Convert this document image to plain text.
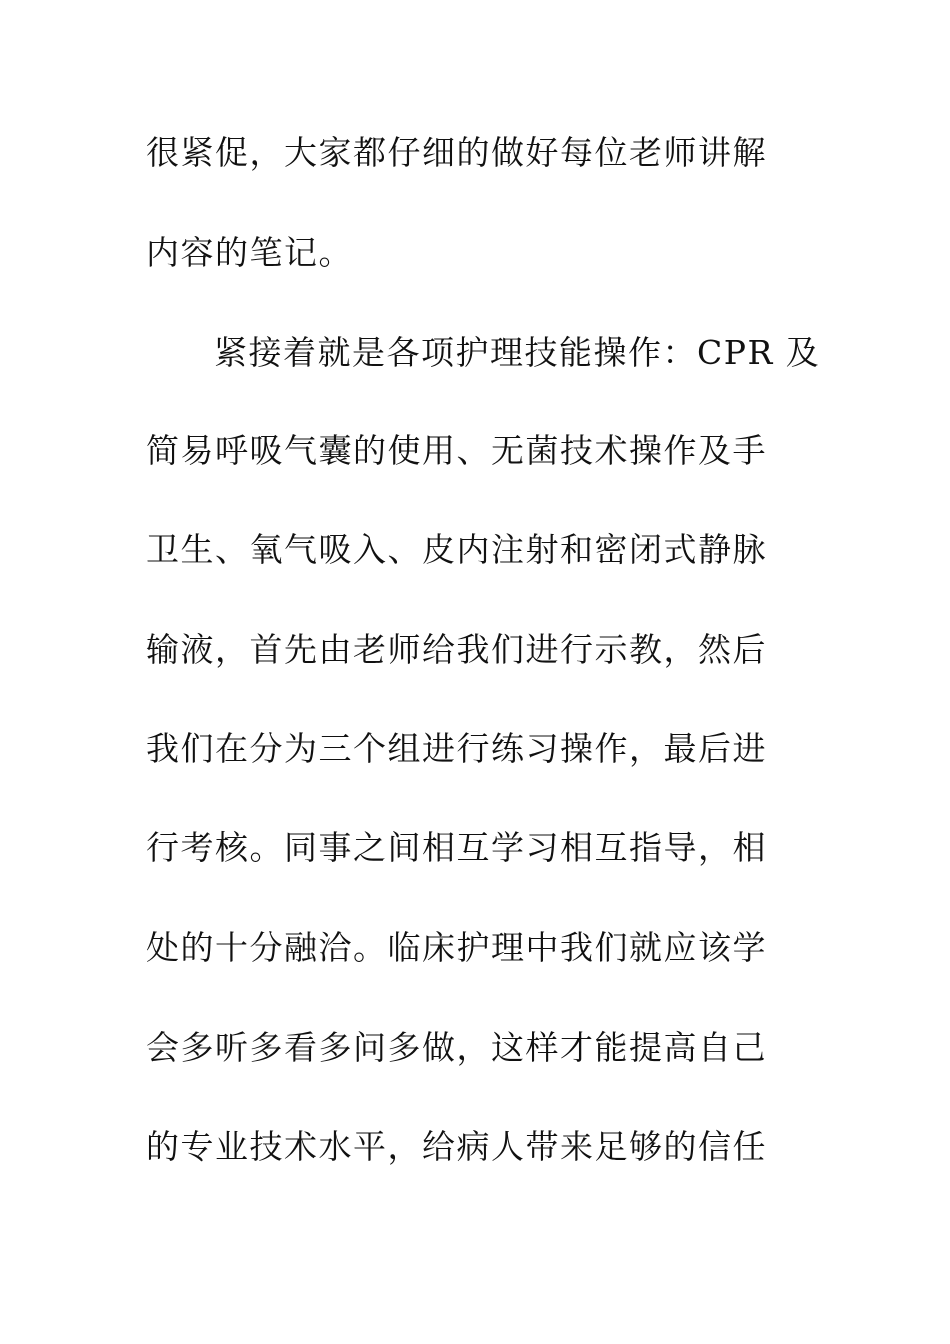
很紧促，大家都仔细的做好每位老师讲解
内容的笔记。
紧接着就是各项护理技能操作：CPR 及
简易呼吸气囊的使用、无菌技术操作及手
卫生、氧气吸入、皮内注射和密闭式静脉
输液，首先由老师给我们进行示教，然后
我们在分为三个组进行练习操作，最后进
行考核。同事之间相互学习相互指导，相
处的十分融洽。临床护理中我们就应该学
会多听多看多问多做，这样才能提高自己
的专业技术水平，给病人带来足够的信任
